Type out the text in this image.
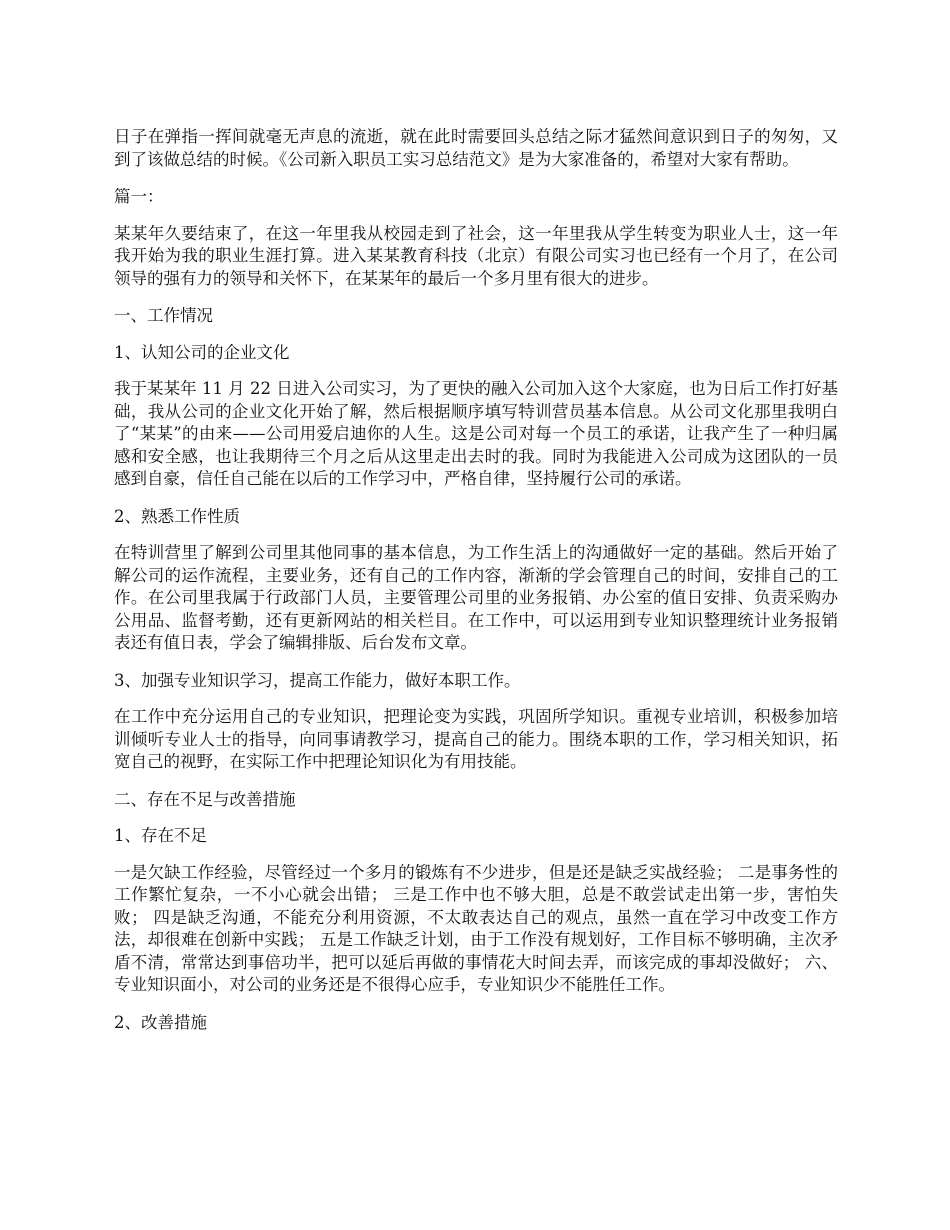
日子在弹指一挥间就毫无声息的流逝，就在此时需要回头总结之际才猛然间意识到日子的匆匆，又到了该做总结的时候。《公司新入职员工实习总结范文》是为大家准备的，希望对大家有帮助。

篇一：

某某年久要结束了，在这一年里我从校园走到了社会，这一年里我从学生转变为职业人士，这一年我开始为我的职业生涯打算。进入某某教育科技（北京）有限公司实习也已经有一个月了，在公司领导的强有力的领导和关怀下，在某某年的最后一个多月里有很大的进步。

一、工作情况

1、认知公司的企业文化

我于某某年 11 月 22 日进入公司实习，为了更快的融入公司加入这个大家庭，也为日后工作打好基础，我从公司的企业文化开始了解，然后根据顺序填写特训营员基本信息。从公司文化那里我明白了“某某”的由来——公司用爱启迪你的人生。这是公司对每一个员工的承诺，让我产生了一种归属感和安全感，也让我期待三个月之后从这里走出去时的我。同时为我能进入公司成为这团队的一员感到自豪，信任自己能在以后的工作学习中，严格自律，坚持履行公司的承诺。

2、熟悉工作性质

在特训营里了解到公司里其他同事的基本信息，为工作生活上的沟通做好一定的基础。然后开始了解公司的运作流程，主要业务，还有自己的工作内容，渐渐的学会管理自己的时间，安排自己的工作。在公司里我属于行政部门人员，主要管理公司里的业务报销、办公室的值日安排、负责采购办公用品、监督考勤，还有更新网站的相关栏目。在工作中，可以运用到专业知识整理统计业务报销表还有值日表，学会了编辑排版、后台发布文章。

3、加强专业知识学习，提高工作能力，做好本职工作。

在工作中充分运用自己的专业知识，把理论变为实践，巩固所学知识。重视专业培训，积极参加培训倾听专业人士的指导，向同事请教学习，提高自己的能力。围绕本职的工作，学习相关知识，拓宽自己的视野，在实际工作中把理论知识化为有用技能。

二、存在不足与改善措施

1、存在不足

一是欠缺工作经验，尽管经过一个多月的锻炼有不少进步，但是还是缺乏实战经验； 二是事务性的工作繁忙复杂，一不小心就会出错； 三是工作中也不够大胆，总是不敢尝试走出第一步，害怕失败； 四是缺乏沟通，不能充分利用资源，不太敢表达自己的观点，虽然一直在学习中改变工作方法，却很难在创新中实践； 五是工作缺乏计划，由于工作没有规划好，工作目标不够明确，主次矛盾不清，常常达到事倍功半，把可以延后再做的事情花大时间去弄，而该完成的事却没做好； 六、专业知识面小，对公司的业务还是不很得心应手，专业知识少不能胜任工作。

2、改善措施
